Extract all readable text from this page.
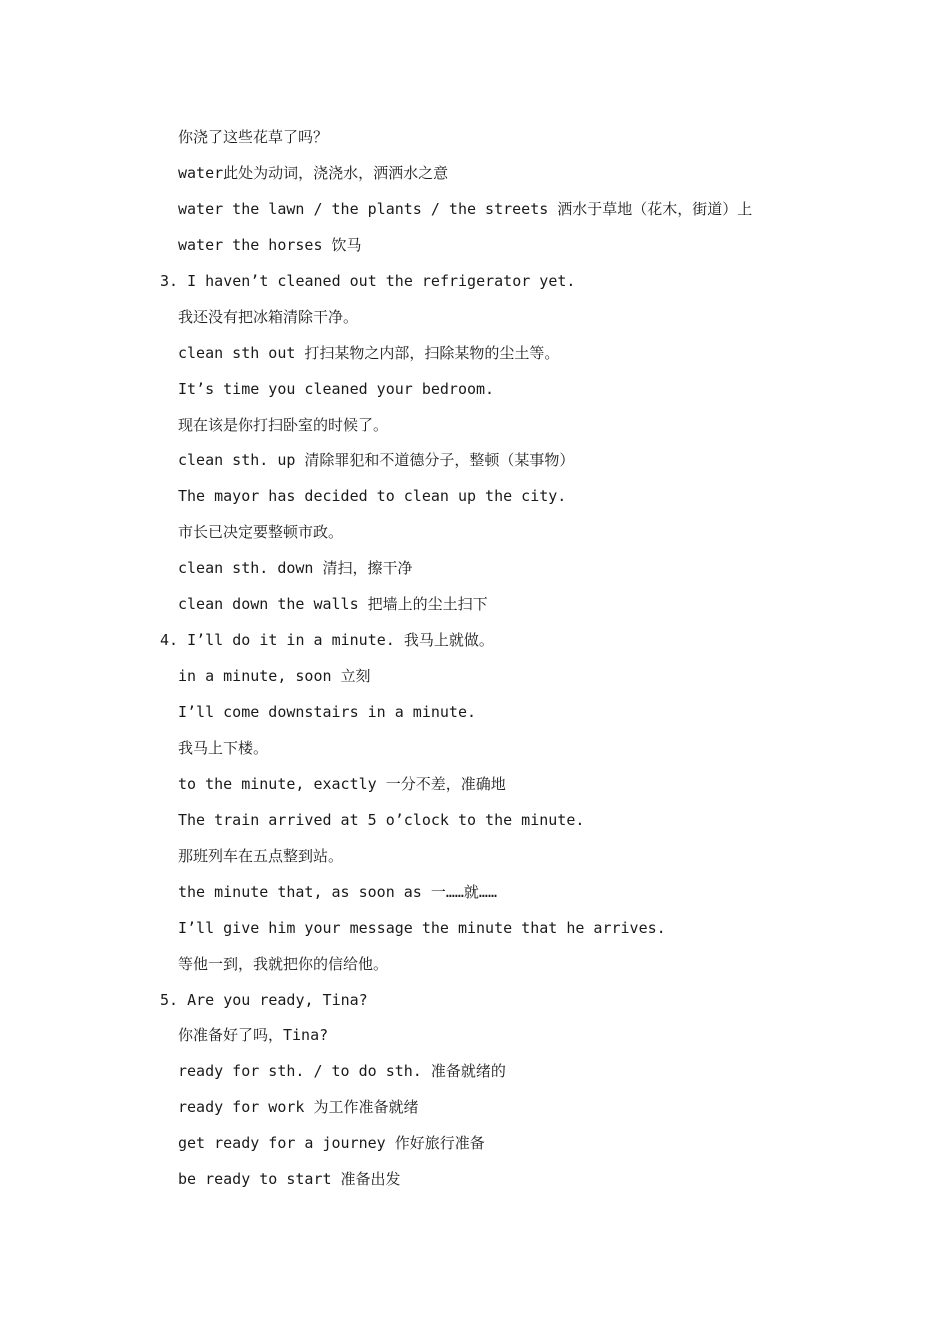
你浇了这些花草了吗？
water此处为动词，浇浇水，洒洒水之意
water the lawn / the plants / the streets 洒水于草地（花木，街道）上
water the horses 饮马
3. I haven’t cleaned out the refrigerator yet.
我还没有把冰箱清除干净。
clean sth out 打扫某物之内部，扫除某物的尘土等。
It’s time you cleaned your bedroom.
现在该是你打扫卧室的时候了。
clean sth. up 清除罪犯和不道德分子，整顿（某事物）
The mayor has decided to clean up the city.
市长已决定要整顿市政。
clean sth. down 清扫，擦干净
clean down the walls 把墙上的尘土扫下
4. I’ll do it in a minute. 我马上就做。
in a minute, soon 立刻
I’ll come downstairs in a minute.
我马上下楼。
to the minute, exactly 一分不差，准确地
The train arrived at 5 o’clock to the minute.
那班列车在五点整到站。
the minute that, as soon as 一……就……
I’ll give him your message the minute that he arrives.
等他一到，我就把你的信给他。
5. Are you ready, Tina?
你准备好了吗，Tina?
ready for sth. / to do sth. 准备就绪的
ready for work 为工作准备就绪
get ready for a journey 作好旅行准备
be ready to start 准备出发
